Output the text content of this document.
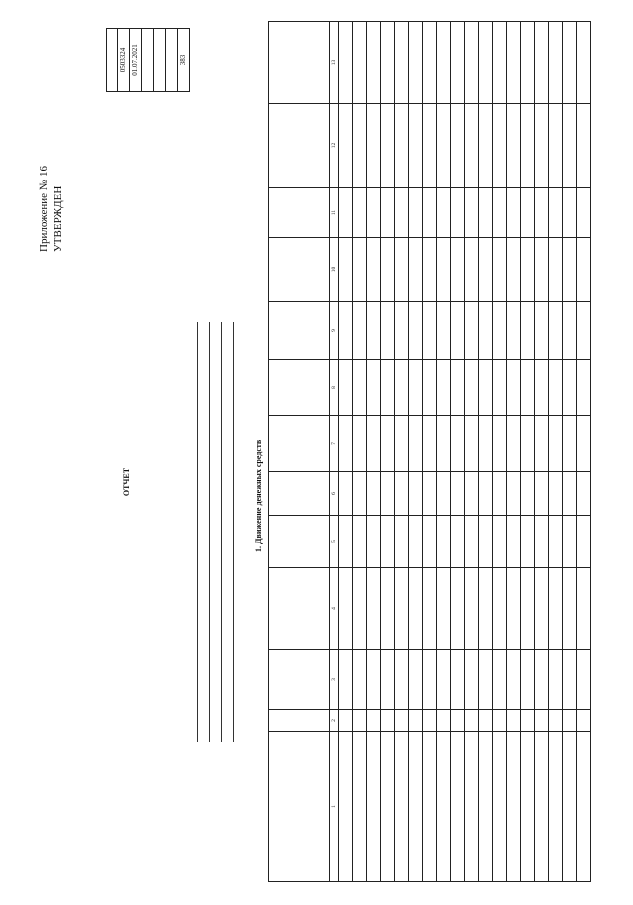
Приложение № 16 УТВЕРЖДЕН
ОТЧЕТ
0503324 01.07.2021	383
1. Движение денежных средств

1	2	3	4	5	6	7	8	9	10	11	12	13
